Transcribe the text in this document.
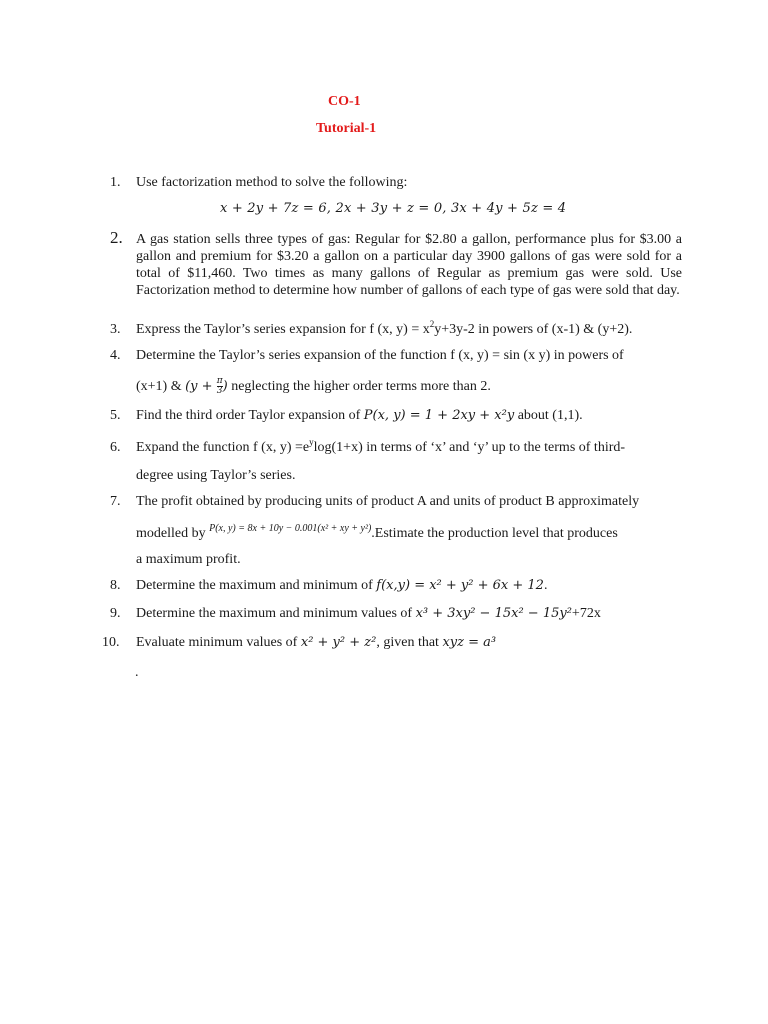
CO-1
Tutorial-1
1.	Use factorization method to solve the following:
x + 2y + 7z = 6, 2x + 3y + z = 0, 3x + 4y + 5z = 4
2. A gas station sells three types of gas: Regular for $2.80 a gallon, performance plus for $3.00 a gallon and premium for $3.20 a gallon on a particular day 3900 gallons of gas were sold for a total of $11,460. Two times as many gallons of Regular as premium gas were sold. Use Factorization method to determine how number of gallons of each type of gas were sold that day.
3.	Express the Taylor’s series expansion for f (x, $y) = x^2y+3y-2$ in powers of (x-1) & (y+2).
4.	Determine the Taylor’s series expansion of the function f (x, y) = sin (x y) in powers of
(x+1) & ($y + \frac{\pi}{3}$ ) neglecting the higher order terms more than 2.
5.	Find the third order Taylor expansion of P(x, y) = 1 + 2xy + x²y about (1,1).
6.	Expand the function f (x, $y) =e^y\log(1+x)$ in terms of ‘x’ and ‘y’ up to the terms of third-
degree using Taylor’s series.
7.	The profit obtained by producing units of product A and units of product B approximately
modelled by P(x, y) = 8x + 10y − 0.001(x² + xy + y²).Estimate the production level that produces
a maximum profit.
8.	Determine the maximum and minimum of f(x,y) = x² + y² + 6x + 12.
9.	Determine the maximum and minimum values of x³ + 3xy² − 15x² − 15y²+72x
10.	Evaluate minimum values of x² + y² + z², given that xyz = a³
.
